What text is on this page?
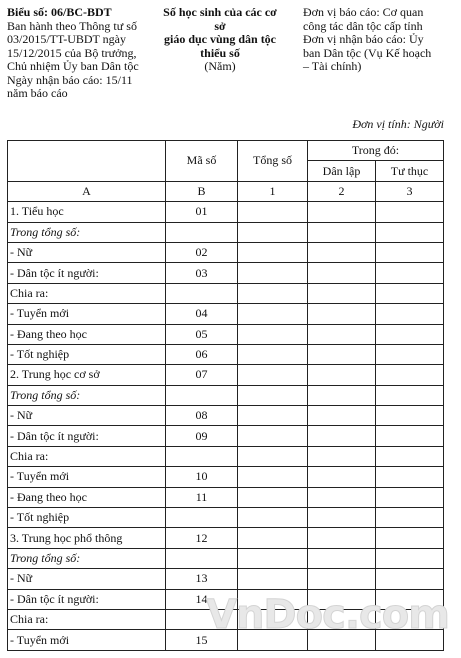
Biểu số: 06/BC-BDT
Ban hành theo Thông tư số
03/2015/TT-UBDT ngày
15/12/2015 của Bộ trưởng,
Chủ nhiệm Ủy ban Dân tộc
Ngày nhận báo cáo: 15/11
năm báo cáo
Số học sinh của các cơ sở
giáo dục vùng dân tộc
thiểu số
(Năm)
Đơn vị báo cáo: Cơ quan
công tác dân tộc cấp tỉnh
Đơn vị nhận báo cáo: Ủy
ban Dân tộc (Vụ Kế hoạch
– Tài chính)
Đơn vị tính: Người
	Mã số	Tổng số	Trong đó:	
			Dân lập	Tư thục
A	B	1	2	3
1. Tiểu học	01			
Trong tổng số:				
- Nữ	02			
- Dân tộc ít người:	03			
Chia ra:				
- Tuyển mới	04			
- Đang theo học	05			
- Tốt nghiệp	06			
2. Trung học cơ sở	07			
Trong tổng số:				
- Nữ	08			
- Dân tộc ít người:	09			
Chia ra:				
- Tuyển mới	10			
- Đang theo học	11			
- Tốt nghiệp				
3. Trung học phổ thông	12			
Trong tổng số:				
- Nữ	13			
- Dân tộc ít người:	14			
Chia ra:				
- Tuyển mới	15			
VnDoc.com
